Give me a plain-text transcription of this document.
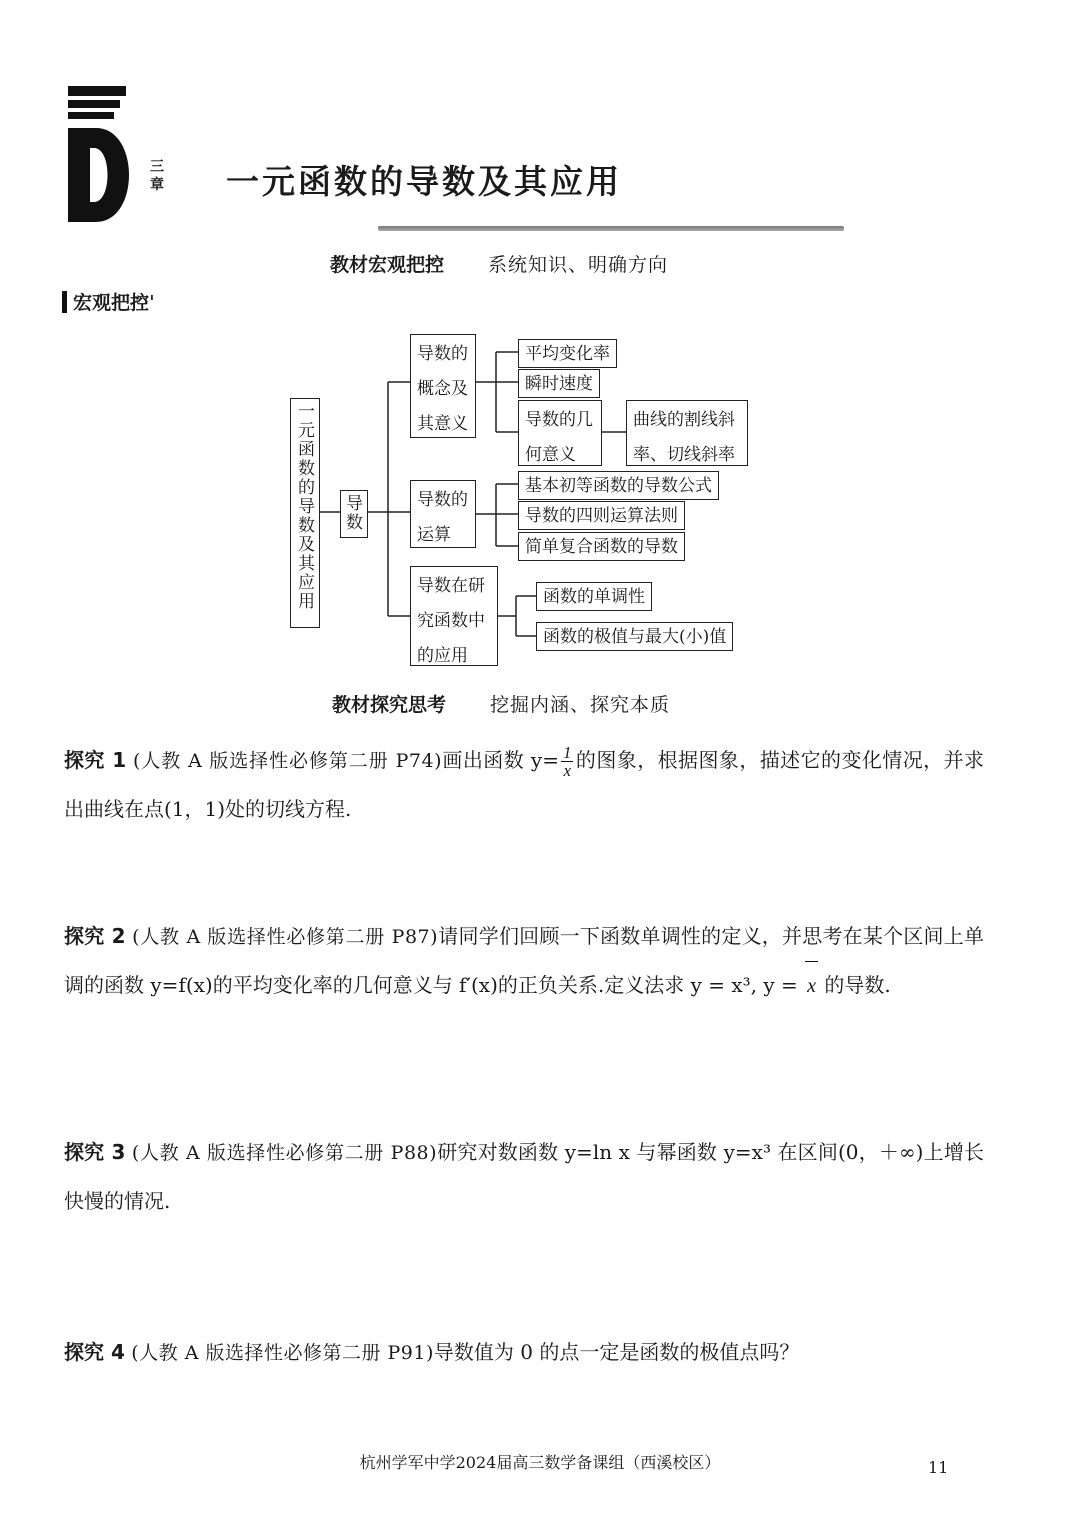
三
章 一元函数的导数及其应用
教材宏观把控 系统知识、明确方向
宏观把控ˈ
一元函数的导数及其应用	导数
导数的概念及其意义
平均变化率
瞬时速度
导数的几何意义
曲线的割线斜率、切线斜率
导数的运算
基本初等函数的导数公式
导数的四则运算法则
简单复合函数的导数
导数在研究函数中的应用
函数的单调性
函数的极值与最大(小)值
教材探究思考 挖掘内涵、探究本质
探究 1 (人教 A 版选择性必修第二册 P74)画出函数 $y= \frac{1}{x}$ 的图象，根据图象，描述它的变化情况，并求出曲线在点(1，1)处的切线方程.
探究 2 (人教 A 版选择性必修第二册 P87)请同学们回顾一下函数单调性的定义，并思考在某个区间上单调的函数 y=f(x)的平均变化率的几何意义与 f′(x)的正负关系.定义法求 y = x³, y = x 的导数.
探究 3 (人教 A 版选择性必修第二册 P88)研究对数函数 y=ln x 与幂函数 y=x³ 在区间(0，＋∞)上增长快慢的情况.
探究 4 (人教 A 版选择性必修第二册 P91)导数值为 0 的点一定是函数的极值点吗？
杭州学军中学2024届高三数学备课组（西溪校区）	11
